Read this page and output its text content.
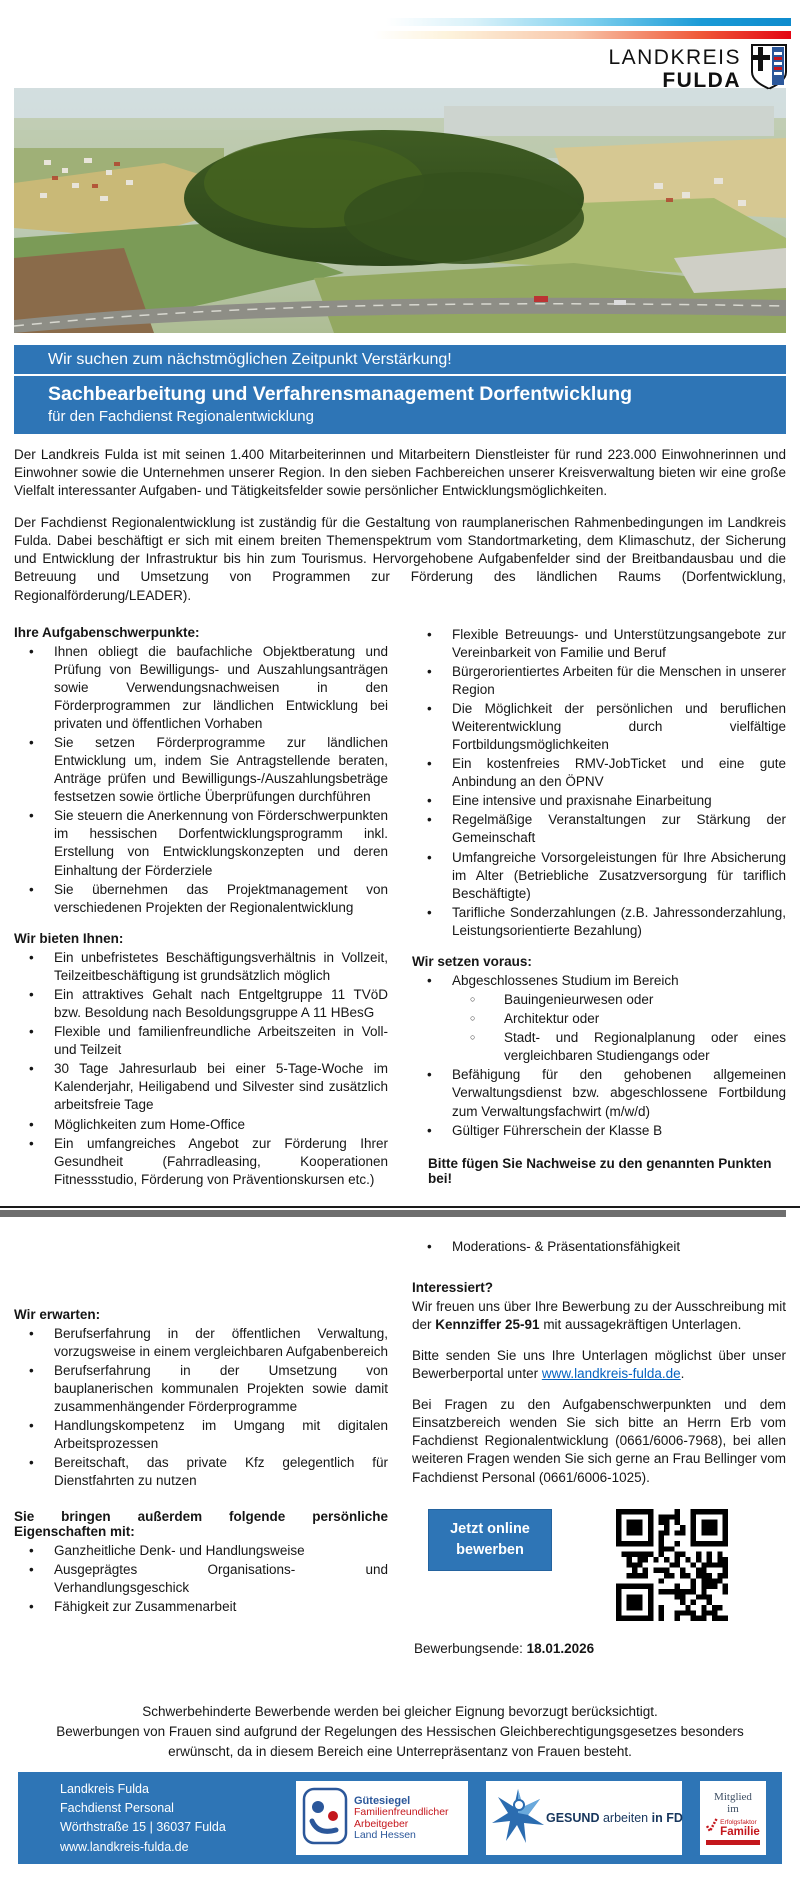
LANDKREIS
FULDA
Wir suchen zum nächstmöglichen Zeitpunkt Verstärkung!
Sachbearbeitung und Verfahrensmanagement Dorfentwicklung
für den Fachdienst Regionalentwicklung

Der Landkreis Fulda ist mit seinen 1.400 Mitarbeiterinnen und Mitarbeitern Dienstleister für rund 223.000 Einwohnerinnen und Einwohner sowie die Unternehmen unserer Region. In den sieben Fachbereichen unserer Kreisverwaltung bieten wir eine große Vielfalt interessanter Aufgaben- und Tätigkeitsfelder sowie persönlicher Entwicklungsmöglichkeiten.

Der Fachdienst Regionalentwicklung ist zuständig für die Gestaltung von raumplanerischen Rahmenbedingungen im Landkreis Fulda. Dabei beschäftigt er sich mit einem breiten Themenspektrum vom Standortmarketing, dem Klimaschutz, der Sicherung und Entwicklung der Infrastruktur bis hin zum Tourismus. Hervorgehobene Aufgabenfelder sind der Breitbandausbau und die Betreuung und Umsetzung von Programmen zur Förderung des ländlichen Raums (Dorfentwicklung, Regionalförderung/LEADER).

Ihre Aufgabenschwerpunkte:
• Ihnen obliegt die baufachliche Objektberatung und Prüfung von Bewilligungs- und Auszahlungsanträgen sowie Verwendungsnachweisen in den Förderprogrammen zur ländlichen Entwicklung bei privaten und öffentlichen Vorhaben
• Sie setzen Förderprogramme zur ländlichen Entwicklung um, indem Sie Antragstellende beraten, Anträge prüfen und Bewilligungs-/Auszahlungsbeträge festsetzen sowie örtliche Überprüfungen durchführen
• Sie steuern die Anerkennung von Förderschwerpunkten im hessischen Dorfentwicklungsprogramm inkl. Erstellung von Entwicklungskonzepten und deren Einhaltung der Förderziele
• Sie übernehmen das Projektmanagement von verschiedenen Projekten der Regionalentwicklung
Wir bieten Ihnen:
• Ein unbefristetes Beschäftigungsverhältnis in Vollzeit, Teilzeitbeschäftigung ist grundsätzlich möglich
• Ein attraktives Gehalt nach Entgeltgruppe 11 TVöD bzw. Besoldung nach Besoldungsgruppe A 11 HBesG
• Flexible und familienfreundliche Arbeitszeiten in Voll- und Teilzeit
• 30 Tage Jahresurlaub bei einer 5-Tage-Woche im Kalenderjahr, Heiligabend und Silvester sind zusätzlich arbeitsfreie Tage
• Möglichkeiten zum Home-Office
• Ein umfangreiches Angebot zur Förderung Ihrer Gesundheit (Fahrradleasing, Kooperationen Fitnessstudio, Förderung von Präventionskursen etc.)
• Flexible Betreuungs- und Unterstützungsangebote zur Vereinbarkeit von Familie und Beruf
• Bürgerorientiertes Arbeiten für die Menschen in unserer Region
• Die Möglichkeit der persönlichen und beruflichen Weiterentwicklung durch vielfältige Fortbildungsmöglichkeiten
• Ein kostenfreies RMV-JobTicket und eine gute Anbindung an den ÖPNV
• Eine intensive und praxisnahe Einarbeitung
• Regelmäßige Veranstaltungen zur Stärkung der Gemeinschaft
• Umfangreiche Vorsorgeleistungen für Ihre Absicherung im Alter (Betriebliche Zusatzversorgung für tariflich Beschäftigte)
• Tarifliche Sonderzahlungen (z.B. Jahressonderzahlung, Leistungsorientierte Bezahlung)
Wir setzen voraus:
• Abgeschlossenes Studium im Bereich
○ Bauingenieurwesen oder
○ Architektur oder
○ Stadt- und Regionalplanung oder eines vergleichbaren Studiengangs oder
• Befähigung für den gehobenen allgemeinen Verwaltungsdienst bzw. abgeschlossene Fortbildung zum Verwaltungsfachwirt (m/w/d)
• Gültiger Führerschein der Klasse B
Bitte fügen Sie Nachweise zu den genannten Punkten bei!
Wir erwarten:
• Berufserfahrung in der öffentlichen Verwaltung, vorzugsweise in einem vergleichbaren Aufgabenbereich
• Berufserfahrung in der Umsetzung von bauplanerischen kommunalen Projekten sowie damit zusammenhängender Förderprogramme
• Handlungskompetenz im Umgang mit digitalen Arbeitsprozessen
• Bereitschaft, das private Kfz gelegentlich für Dienstfahrten zu nutzen
Sie bringen außerdem folgende persönliche Eigenschaften mit:
• Ganzheitliche Denk- und Handlungsweise
• Ausgeprägtes Organisations- und Verhandlungsgeschick
• Fähigkeit zur Zusammenarbeit
• Moderations- & Präsentationsfähigkeit
Interessiert?

Wir freuen uns über Ihre Bewerbung zu der Ausschreibung mit der Kennziffer 25-91 mit aussagekräftigen Unterlagen.

Bitte senden Sie uns Ihre Unterlagen möglichst über unser Bewerberportal unter www.landkreis-fulda.de.

Bei Fragen zu den Aufgabenschwerpunkten und dem Einsatzbereich wenden Sie sich bitte an Herrn Erb vom Fachdienst Regionalentwicklung (0661/6006-7968), bei allen weiteren Fragen wenden Sie sich gerne an Frau Bellinger vom Fachdienst Personal (0661/6006-1025).

Jetzt online
bewerben
Bewerbungsende: 18.01.2026
Schwerbehinderte Bewerbende werden bei gleicher Eignung bevorzugt berücksichtigt.
Bewerbungen von Frauen sind aufgrund der Regelungen des Hessischen Gleichberechtigungsgesetzes besonders erwünscht, da in diesem Bereich eine Unterrepräsentanz von Frauen besteht.
Landkreis Fulda
Fachdienst Personal
Wörthstraße 15 | 36037 Fulda
www.landkreis-fulda.de
Gütesiegel
Familienfreundlicher
Arbeitgeber
Land Hessen
GESUND arbeiten in FD
Mitglied
im
Erfolgsfaktor
Familie
